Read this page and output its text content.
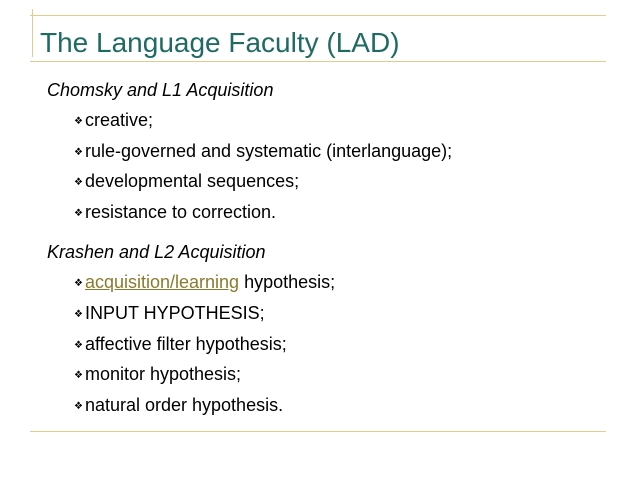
The Language Faculty (LAD)

Chomsky and L1 Acquisition

❖ creative;
❖ rule-governed and systematic (interlanguage);
❖ developmental sequences;
❖ resistance to correction.

Krashen and L2 Acquisition

❖ acquisition/learning hypothesis;
❖ INPUT HYPOTHESIS;
❖ affective filter hypothesis;
❖ monitor hypothesis;
❖ natural order hypothesis.
